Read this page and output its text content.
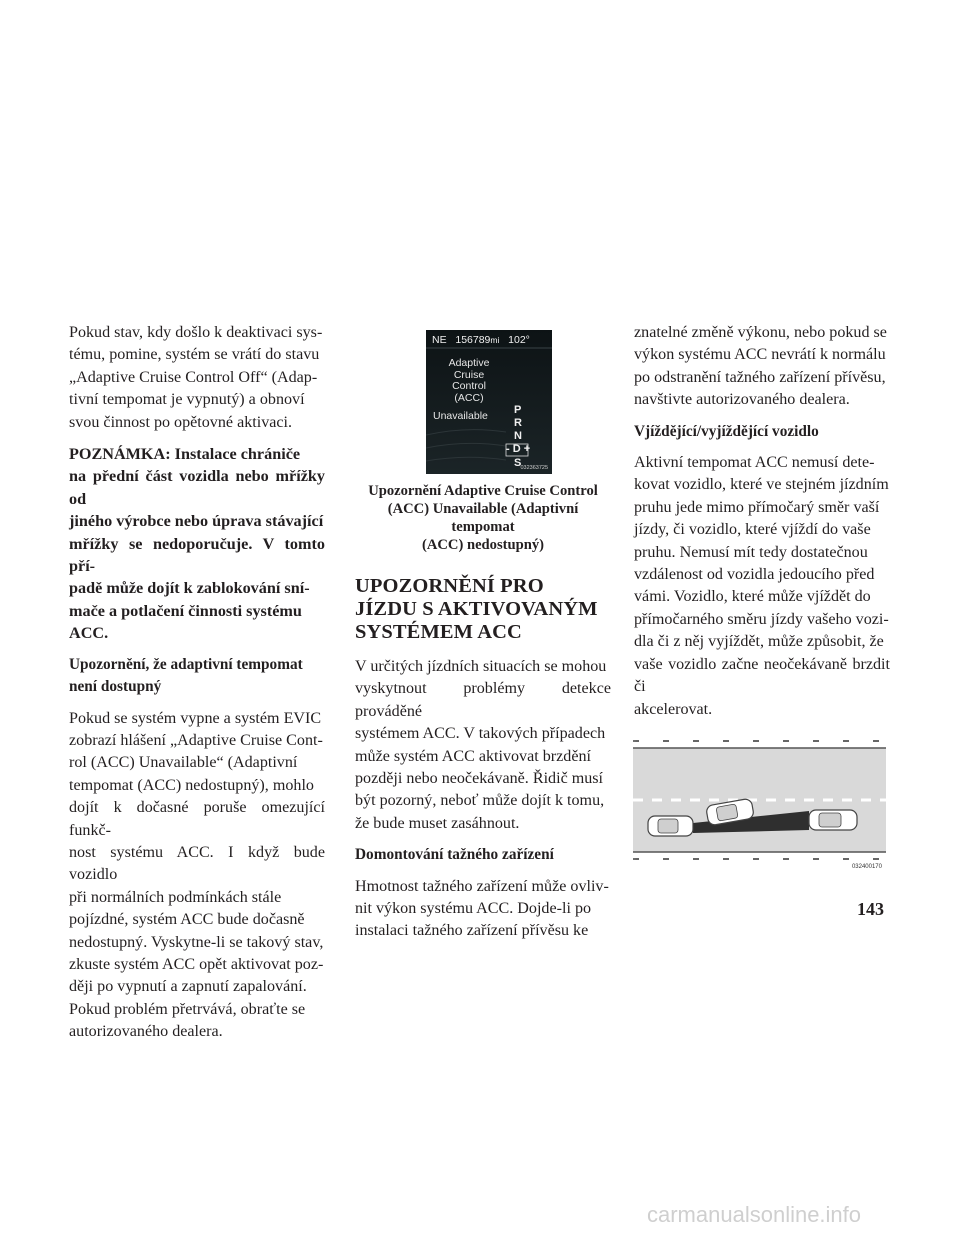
Pokud stav, kdy došlo k deaktivaci sys-
tému, pomine, systém se vrátí do stavu
„Adaptive Cruise Control Off“ (Adap-
tivní tempomat je vypnutý) a obnoví
svou činnost po opětovné aktivaci.

POZNÁMKA: Instalace chrániče
na přední část vozidla nebo mřížky od
jiného výrobce nebo úprava stávající
mřížky se nedoporučuje. V tomto pří-
padě může dojít k zablokování sní-
mače a potlačení činnosti systému
ACC.

Upozornění, že adaptivní tempomat
není dostupný

Pokud se systém vypne a systém EVIC
zobrazí hlášení „Adaptive Cruise Cont-
rol (ACC) Unavailable“ (Adaptivní
tempomat (ACC) nedostupný), mohlo
dojít k dočasné poruše omezující funkč-
nost systému ACC. I když bude vozidlo
při normálních podmínkách stále
pojízdné, systém ACC bude dočasně
nedostupný. Vyskytne-li se takový stav,
zkuste systém ACC opět aktivovat poz-
ději po vypnutí a zapnutí zapalování.
Pokud problém přetrvává, obraťte se
autorizovaného dealera.

NE 156789mi 102°
Adaptive
Cruise
Control
(ACC)
Unavailable P
R
N
- D +
S 032363725
Upozornění Adaptive Cruise Control
(ACC) Unavailable (Adaptivní tempomat
(ACC) nedostupný)
UPOZORNĚNÍ PRO
JÍZDU S AKTIVOVANÝM
SYSTÉMEM ACC

V určitých jízdních situacích se mohou
vyskytnout problémy detekce prováděné
systémem ACC. V takových případech
může systém ACC aktivovat brzdění
později nebo neočekávaně. Řidič musí
být pozorný, neboť může dojít k tomu,
že bude muset zasáhnout.

Domontování tažného zařízení

Hmotnost tažného zařízení může ovliv-
nit výkon systému ACC. Dojde-li po
instalaci tažného zařízení přívěsu ke

znatelné změně výkonu, nebo pokud se
výkon systému ACC nevrátí k normálu
po odstranění tažného zařízení přívěsu,
navštivte autorizovaného dealera.

Vjíždějící/vyjíždějící vozidlo

Aktivní tempomat ACC nemusí dete-
kovat vozidlo, které ve stejném jízdním
pruhu jede mimo přímočarý směr vaší
jízdy, či vozidlo, které vjíždí do vaše
pruhu. Nemusí mít tedy dostatečnou
vzdálenost od vozidla jedoucího před
vámi. Vozidlo, které může vjíždět do
přímočarného směru jízdy vašeho vozi-
dla či z něj vyjíždět, může způsobit, že
vaše vozidlo začne neočekávaně brzdit či
akcelerovat.

032400170
143
carmanualsonline.info
